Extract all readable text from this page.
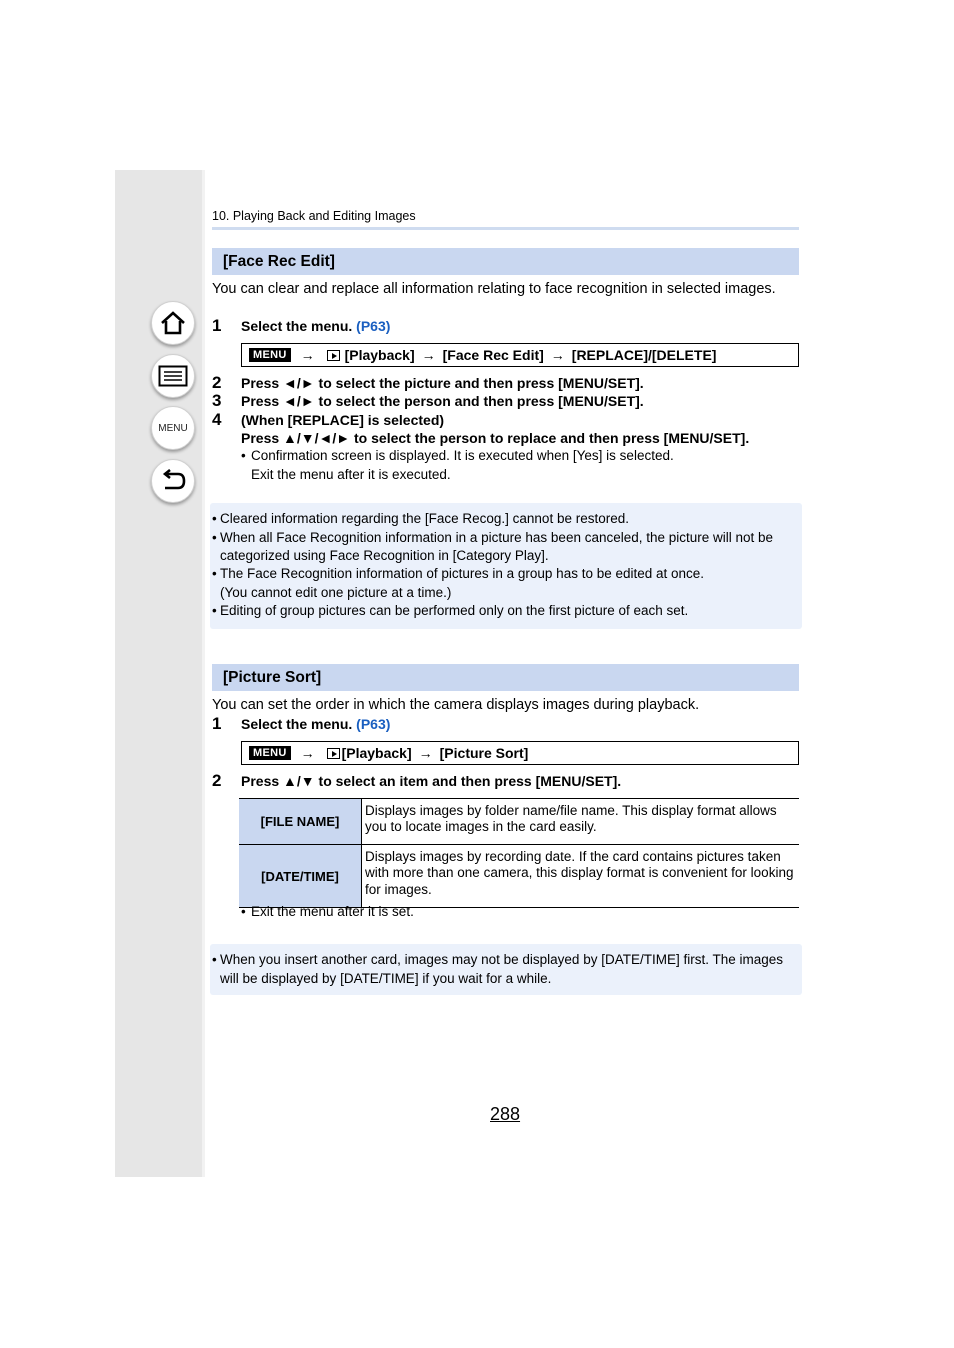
MENU
10. Playing Back and Editing Images
[Face Rec Edit]
You can clear and replace all information relating to face recognition in selected images.
1 Select the menu. (P63)
MENU → [Playback] → [Face Rec Edit] → [REPLACE]/[DELETE]
2 Press ◄/► to select the picture and then press [MENU/SET].
3 Press ◄/► to select the person and then press [MENU/SET].
4 (When [REPLACE] is selected)
Press ▲/▼/◄/► to select the person to replace and then press [MENU/SET].
• Confirmation screen is displayed. It is executed when [Yes] is selected.
Exit the menu after it is executed.
• Cleared information regarding the [Face Recog.] cannot be restored.
• When all Face Recognition information in a picture has been canceled, the picture will not be
categorized using Face Recognition in [Category Play].
• The Face Recognition information of pictures in a group has to be edited at once.
(You cannot edit one picture at a time.)
• Editing of group pictures can be performed only on the first picture of each set.
[Picture Sort]
You can set the order in which the camera displays images during playback.
1 Select the menu. (P63)
MENU → [Playback] → [Picture Sort]
2 Press ▲/▼ to select an item and then press [MENU/SET].
[FILE NAME]	Displays images by folder name/file name. This display format allows you to locate images in the card easily.
[DATE/TIME]	Displays images by recording date. If the card contains pictures taken with more than one camera, this display format is convenient for looking for images.
• Exit the menu after it is set.
• When you insert another card, images may not be displayed by [DATE/TIME] first. The images
will be displayed by [DATE/TIME] if you wait for a while.
288
